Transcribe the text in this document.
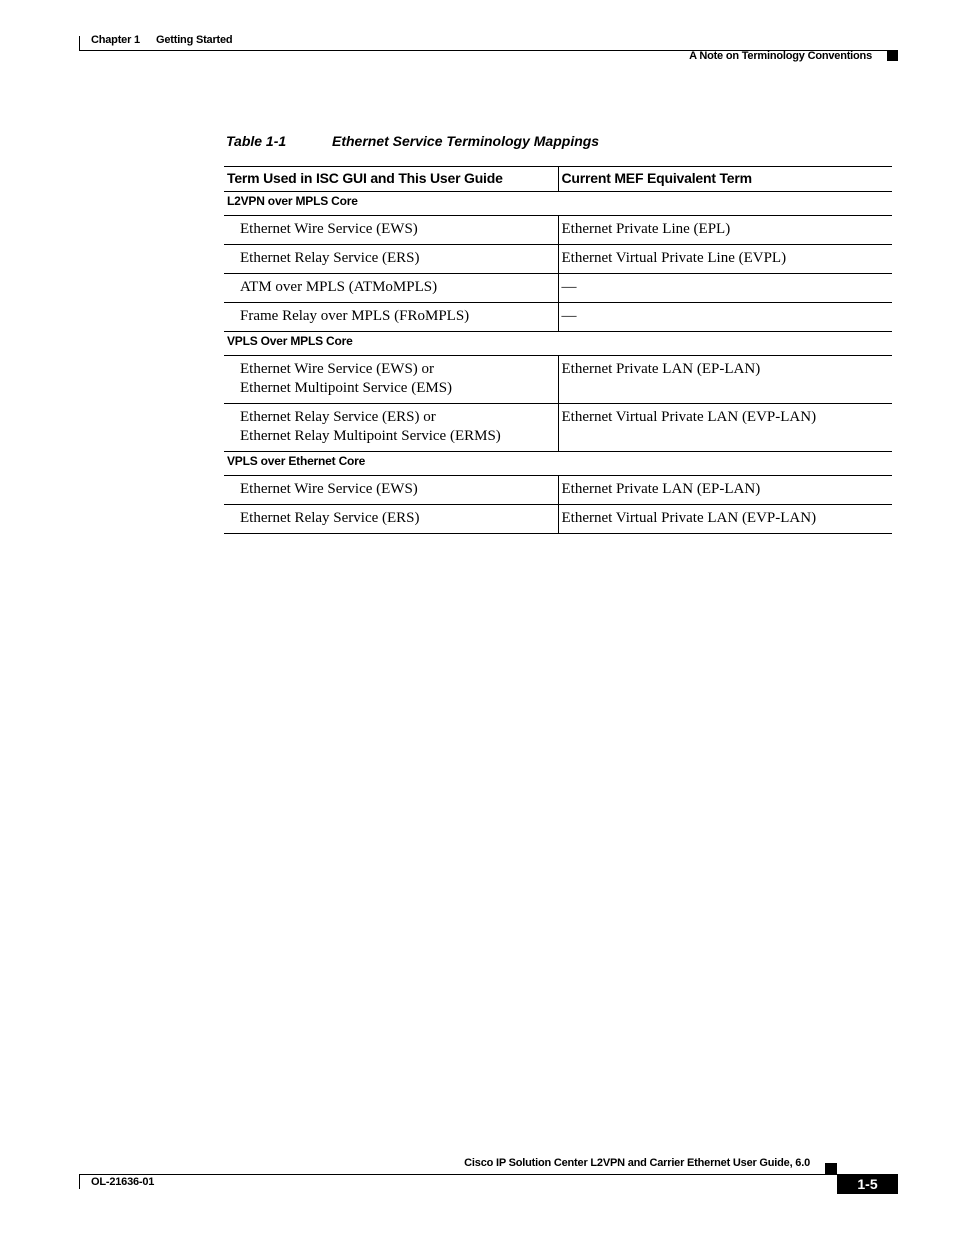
Chapter 1 Getting Started
A Note on Terminology Conventions
Table 1-1	Ethernet Service Terminology Mappings
Term Used in ISC GUI and This User Guide	Current MEF Equivalent Term
L2VPN over MPLS Core	

Ethernet Wire Service (EWS)	Ethernet Private Line (EPL)

Ethernet Relay Service (ERS)	Ethernet Virtual Private Line (EVPL)

ATM over MPLS (ATMoMPLS)	—

Frame Relay over MPLS (FRoMPLS)	—

VPLS Over MPLS Core	

Ethernet Wire Service (EWS) or
Ethernet Multipoint Service (EMS)	Ethernet Private LAN (EP-LAN)

Ethernet Relay Service (ERS) or
Ethernet Relay Multipoint Service (ERMS)	Ethernet Virtual Private LAN (EVP-LAN)

VPLS over Ethernet Core	

Ethernet Wire Service (EWS)	Ethernet Private LAN (EP-LAN)

Ethernet Relay Service (ERS)	Ethernet Virtual Private LAN (EVP-LAN)
Cisco IP Solution Center L2VPN and Carrier Ethernet User Guide, 6.0
OL-21636-01	1-5
